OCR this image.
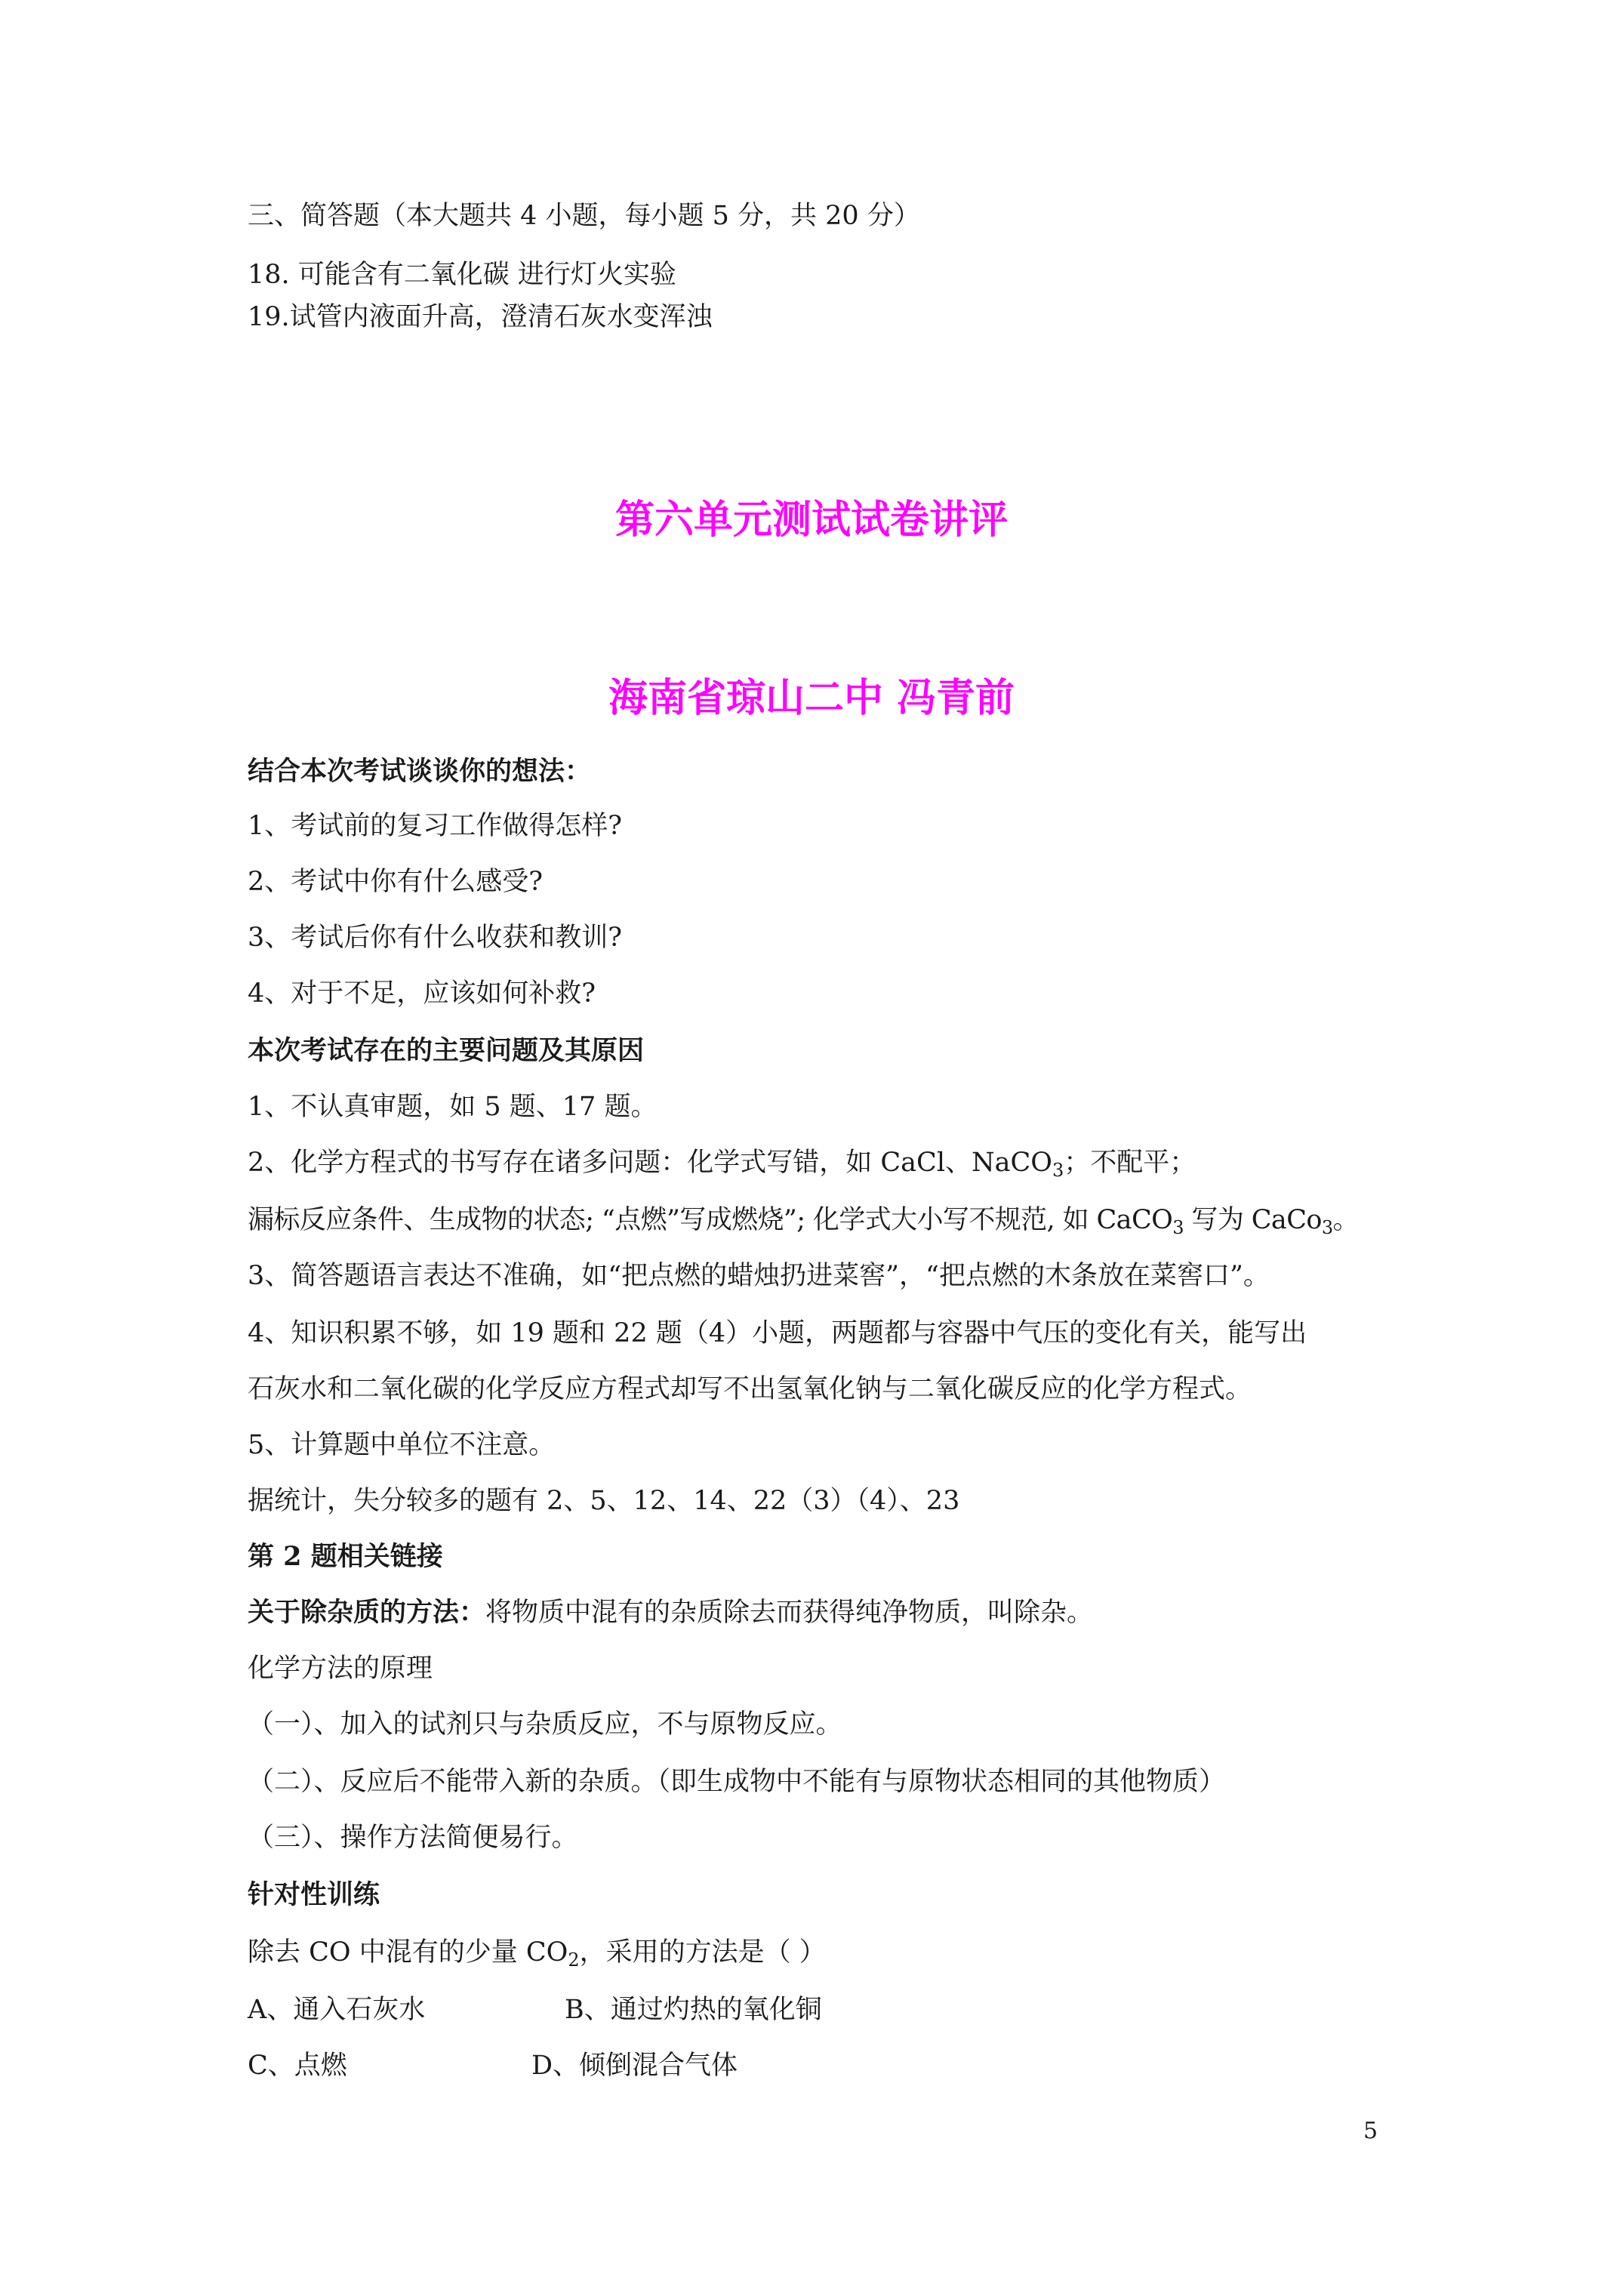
三、简答题（本大题共 4 小题，每小题 5 分，共 20 分）
18. 可能含有二氧化碳 进行灯火实验
19.试管内液面升高，澄清石灰水变浑浊
第六单元测试试卷讲评
海南省琼山二中 冯青前
结合本次考试谈谈你的想法：
1、考试前的复习工作做得怎样?
2、考试中你有什么感受?
3、考试后你有什么收获和教训?
4、对于不足，应该如何补救?
本次考试存在的主要问题及其原因
1、不认真审题，如 5 题、17 题。
2、化学方程式的书写存在诸多问题：化学式写错，如 CaCl、NaCO$_3$；不配平；
漏标反应条件、生成物的状态; “点燃”写成燃烧”; 化学式大小写不规范, 如 CaCO$_3$ 写为 CaCo$_3$。
3、简答题语言表达不准确，如“把点燃的蜡烛扔进菜窖”，“把点燃的木条放在菜窖口”。
4、知识积累不够，如 19 题和 22 题（4）小题，两题都与容器中气压的变化有关，能写出
石灰水和二氧化碳的化学反应方程式却写不出氢氧化钠与二氧化碳反应的化学方程式。
5、计算题中单位不注意。
据统计，失分较多的题有 2、5、12、14、22（3）（4）、23
第 2 题相关链接
关于除杂质的方法：将物质中混有的杂质除去而获得纯净物质，叫除杂。
化学方法的原理
（一）、加入的试剂只与杂质反应，不与原物反应。
（二）、反应后不能带入新的杂质。（即生成物中不能有与原物状态相同的其他物质）
（三）、操作方法简便易行。
针对性训练
除去 CO 中混有的少量 $CO_2$，采用的方法是（ ）
A、通入石灰水	B、通过灼热的氧化铜
C、点燃	D、倾倒混合气体
5
